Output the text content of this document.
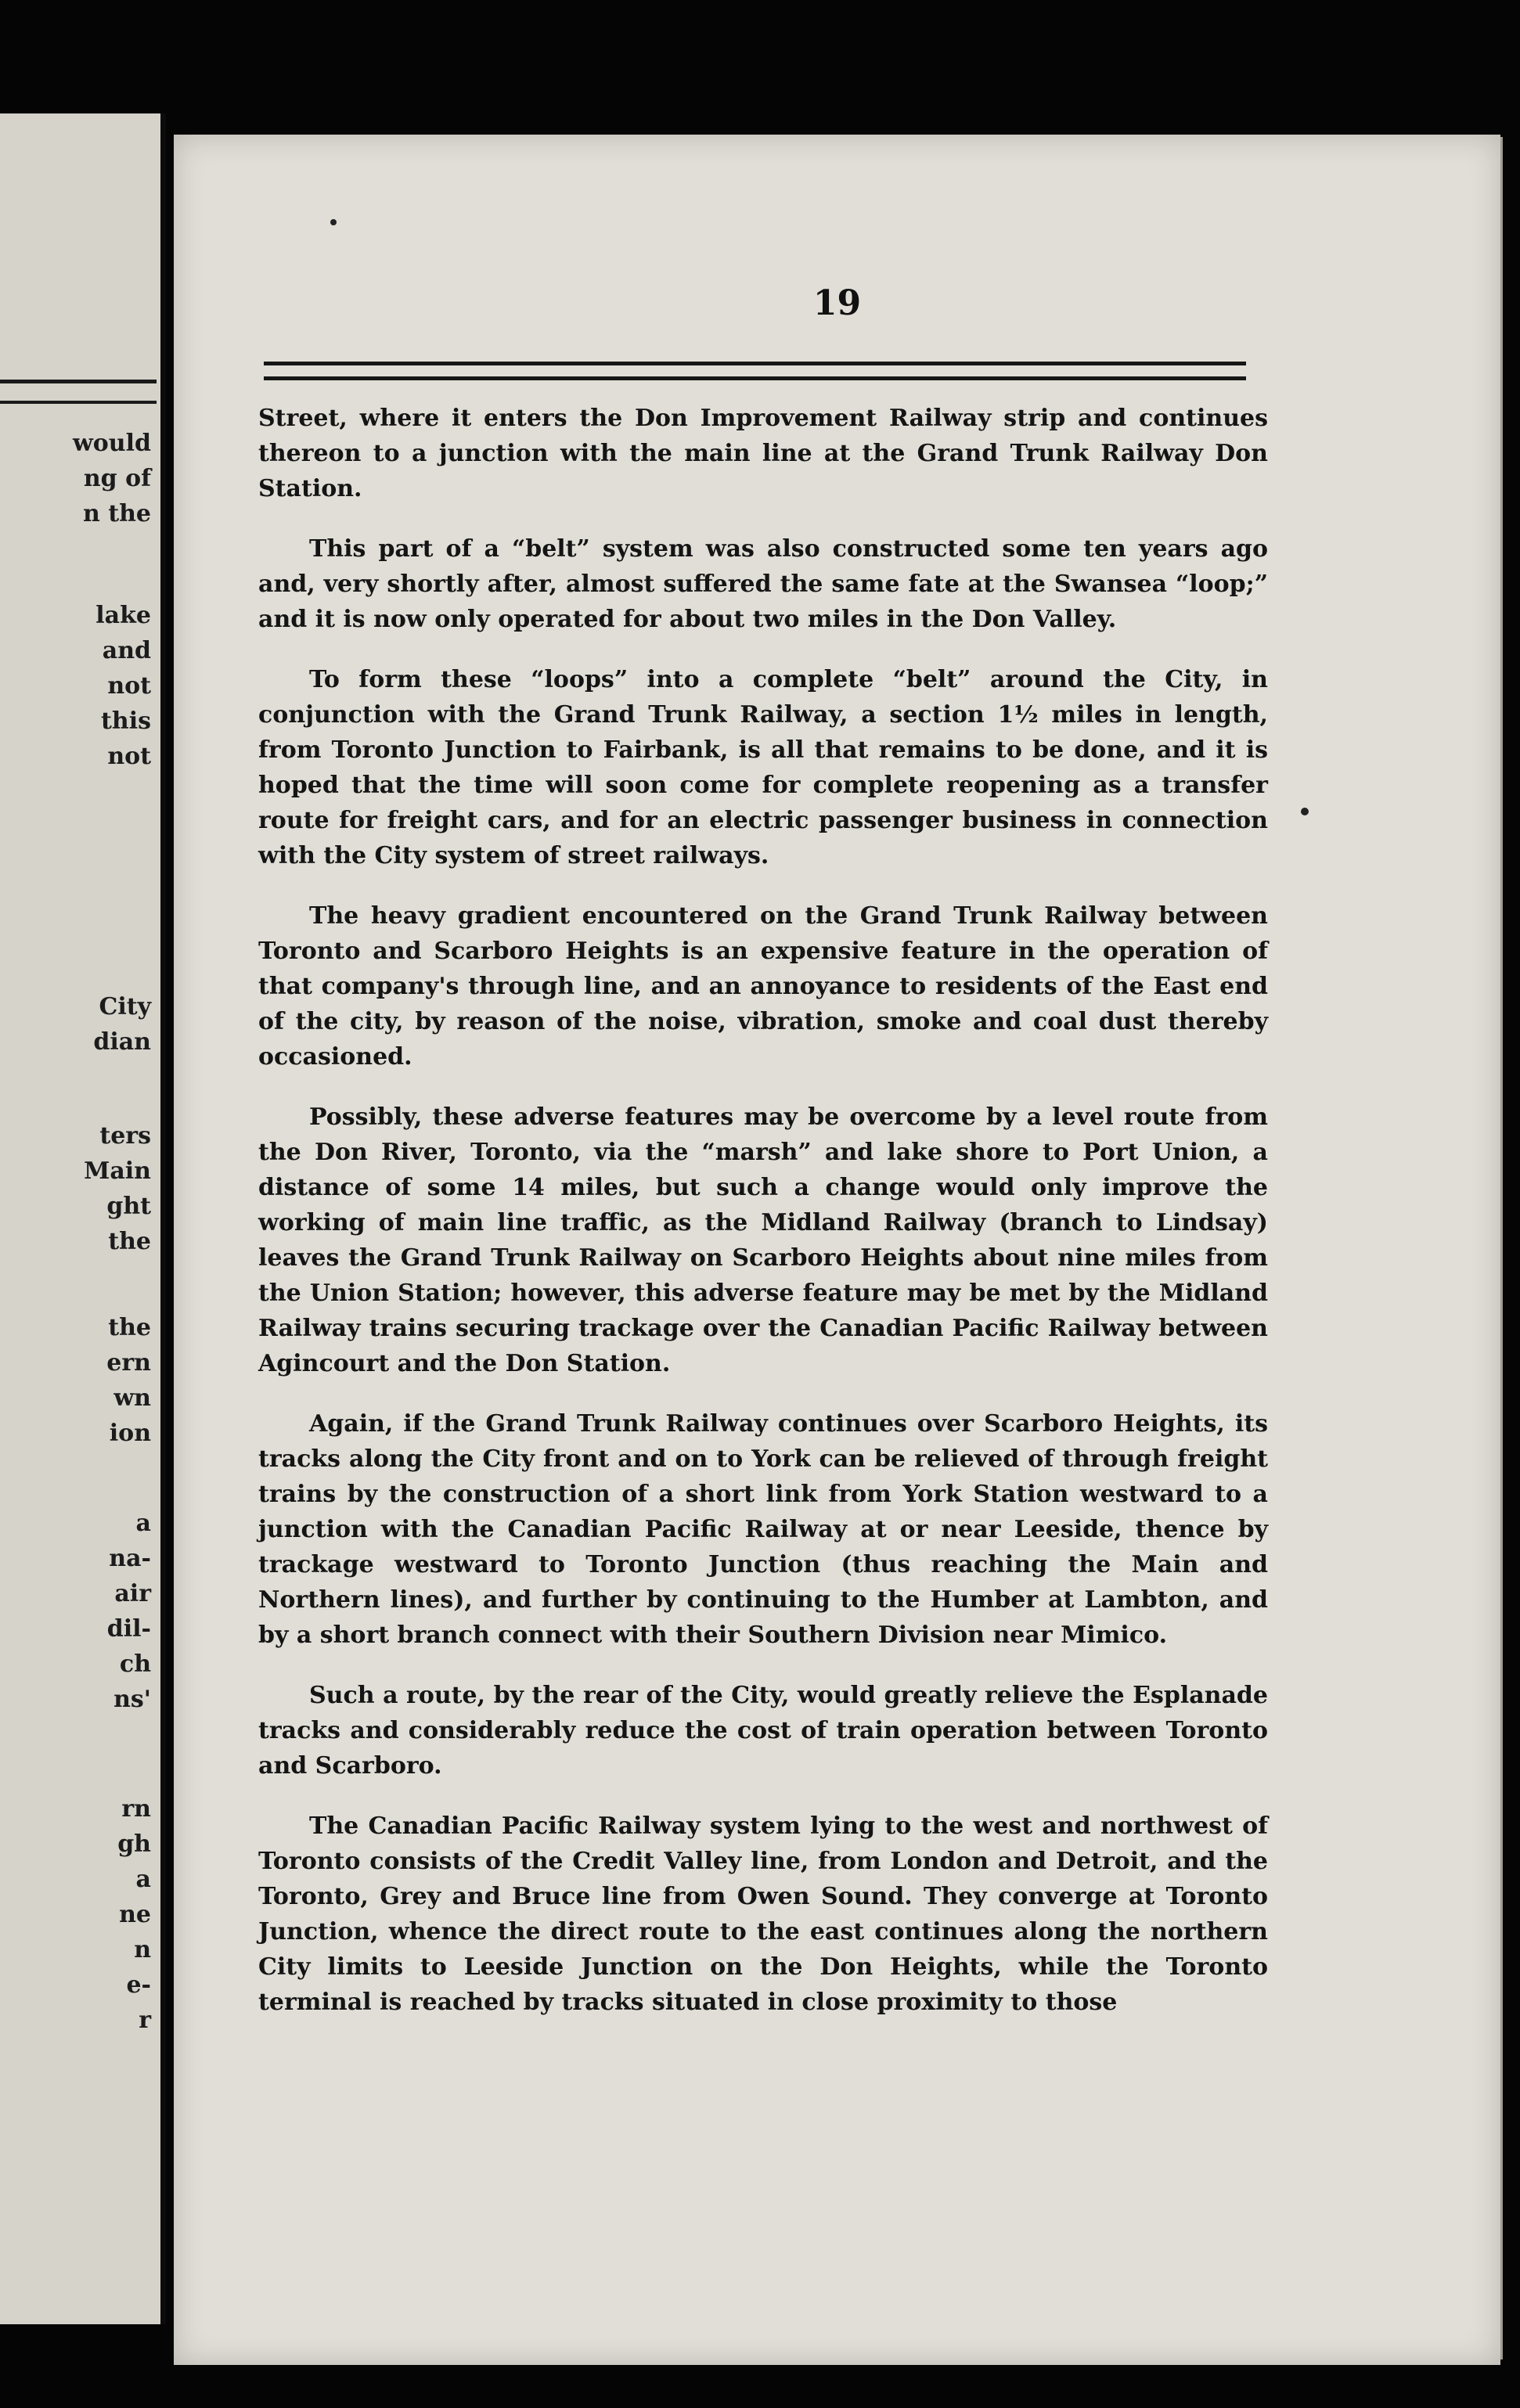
would
ng of
n the
lake
and
not
this
not
City
dian
ters
Main
ght
the
the
ern
wn
ion
a
na-
air
dil-
ch
ns'
rn
gh
a
ne
n
e-
r
19

Street, where it enters the Don Improvement Railway strip and continues thereon to a junction with the main line at the Grand Trunk Railway Don Station.

This part of a “belt” system was also constructed some ten years ago and, very shortly after, almost suffered the same fate at the Swansea “loop;” and it is now only operated for about two miles in the Don Valley.

To form these “loops” into a complete “belt” around the City, in conjunction with the Grand Trunk Railway, a section 1½ miles in length, from Toronto Junction to Fairbank, is all that remains to be done, and it is hoped that the time will soon come for complete reopening as a transfer route for freight cars, and for an electric passenger business in connection with the City system of street railways.

The heavy gradient encountered on the Grand Trunk Railway between Toronto and Scarboro Heights is an expensive feature in the operation of that company's through line, and an annoyance to residents of the East end of the city, by reason of the noise, vibration, smoke and coal dust thereby occasioned.

Possibly, these adverse features may be overcome by a level route from the Don River, Toronto, via the “marsh” and lake shore to Port Union, a distance of some 14 miles, but such a change would only improve the working of main line traffic, as the Midland Railway (branch to Lindsay) leaves the Grand Trunk Railway on Scarboro Heights about nine miles from the Union Station; however, this adverse feature may be met by the Midland Railway trains securing trackage over the Canadian Pacific Railway between Agincourt and the Don Station.

Again, if the Grand Trunk Railway continues over Scarboro Heights, its tracks along the City front and on to York can be relieved of through freight trains by the construction of a short link from York Station westward to a junction with the Canadian Pacific Railway at or near Leeside, thence by trackage westward to Toronto Junction (thus reaching the Main and Northern lines), and further by continuing to the Humber at Lambton, and by a short branch connect with their Southern Division near Mimico.

Such a route, by the rear of the City, would greatly relieve the Esplanade tracks and considerably reduce the cost of train operation between Toronto and Scarboro.

The Canadian Pacific Railway system lying to the west and northwest of Toronto consists of the Credit Valley line, from London and Detroit, and the Toronto, Grey and Bruce line from Owen Sound. They converge at Toronto Junction, whence the direct route to the east continues along the northern City limits to Leeside Junction on the Don Heights, while the Toronto terminal is reached by tracks situated in close proximity to those
